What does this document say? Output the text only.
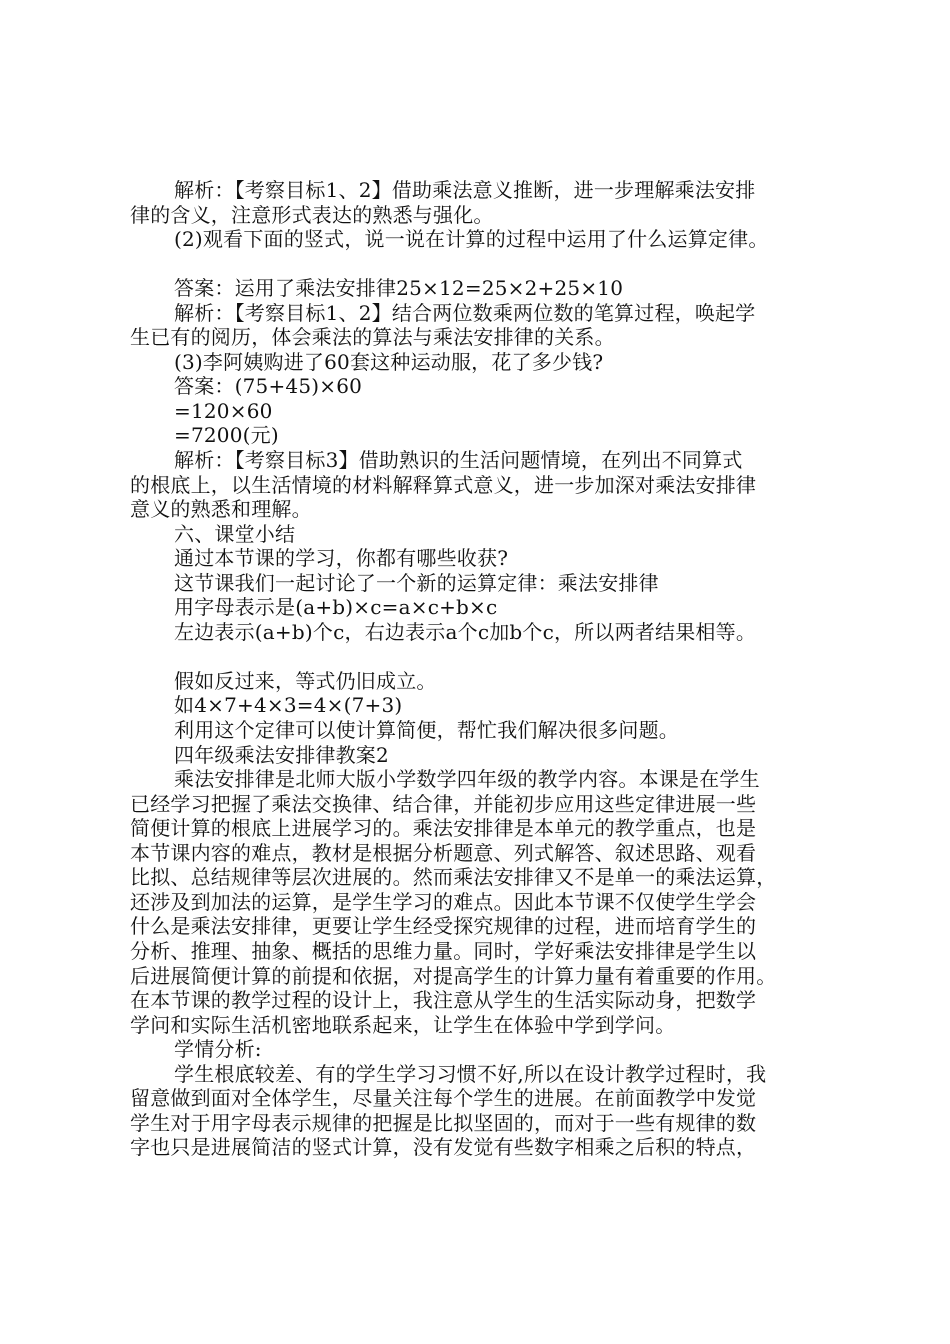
解析：【考察目标1、2】借助乘法意义推断，进一步理解乘法安排
律的含义，注意形式表达的熟悉与强化。
(2)观看下面的竖式，说一说在计算的过程中运用了什么运算定律。
答案：运用了乘法安排律25×12=25×2+25×10
解析：【考察目标1、2】结合两位数乘两位数的笔算过程，唤起学
生已有的阅历，体会乘法的算法与乘法安排律的关系。
(3)李阿姨购进了60套这种运动服，花了多少钱?
答案：(75+45)×60
=120×60
=7200(元)
解析：【考察目标3】借助熟识的生活问题情境，在列出不同算式
的根底上，以生活情境的材料解释算式意义，进一步加深对乘法安排律
意义的熟悉和理解。
六、课堂小结
通过本节课的学习，你都有哪些收获?
这节课我们一起讨论了一个新的运算定律：乘法安排律
用字母表示是(a+b)×c=a×c+b×c
左边表示(a+b)个c，右边表示a个c加b个c，所以两者结果相等。
假如反过来，等式仍旧成立。
如4×7+4×3=4×(7+3)
利用这个定律可以使计算简便，帮忙我们解决很多问题。
四年级乘法安排律教案2
乘法安排律是北师大版小学数学四年级的教学内容。本课是在学生
已经学习把握了乘法交换律、结合律，并能初步应用这些定律进展一些
简便计算的根底上进展学习的。乘法安排律是本单元的教学重点，也是
本节课内容的难点，教材是根据分析题意、列式解答、叙述思路、观看
比拟、总结规律等层次进展的。然而乘法安排律又不是单一的乘法运算，
还涉及到加法的运算，是学生学习的难点。因此本节课不仅使学生学会
什么是乘法安排律，更要让学生经受探究规律的过程，进而培育学生的
分析、推理、抽象、概括的思维力量。同时，学好乘法安排律是学生以
后进展简便计算的前提和依据，对提高学生的计算力量有着重要的作用。
在本节课的教学过程的设计上，我注意从学生的生活实际动身，把数学
学问和实际生活机密地联系起来，让学生在体验中学到学问。
学情分析:
学生根底较差、有的学生学习习惯不好,所以在设计教学过程时，我
留意做到面对全体学生，尽量关注每个学生的进展。在前面教学中发觉
学生对于用字母表示规律的把握是比拟坚固的，而对于一些有规律的数
字也只是进展简洁的竖式计算，没有发觉有些数字相乘之后积的特点，
